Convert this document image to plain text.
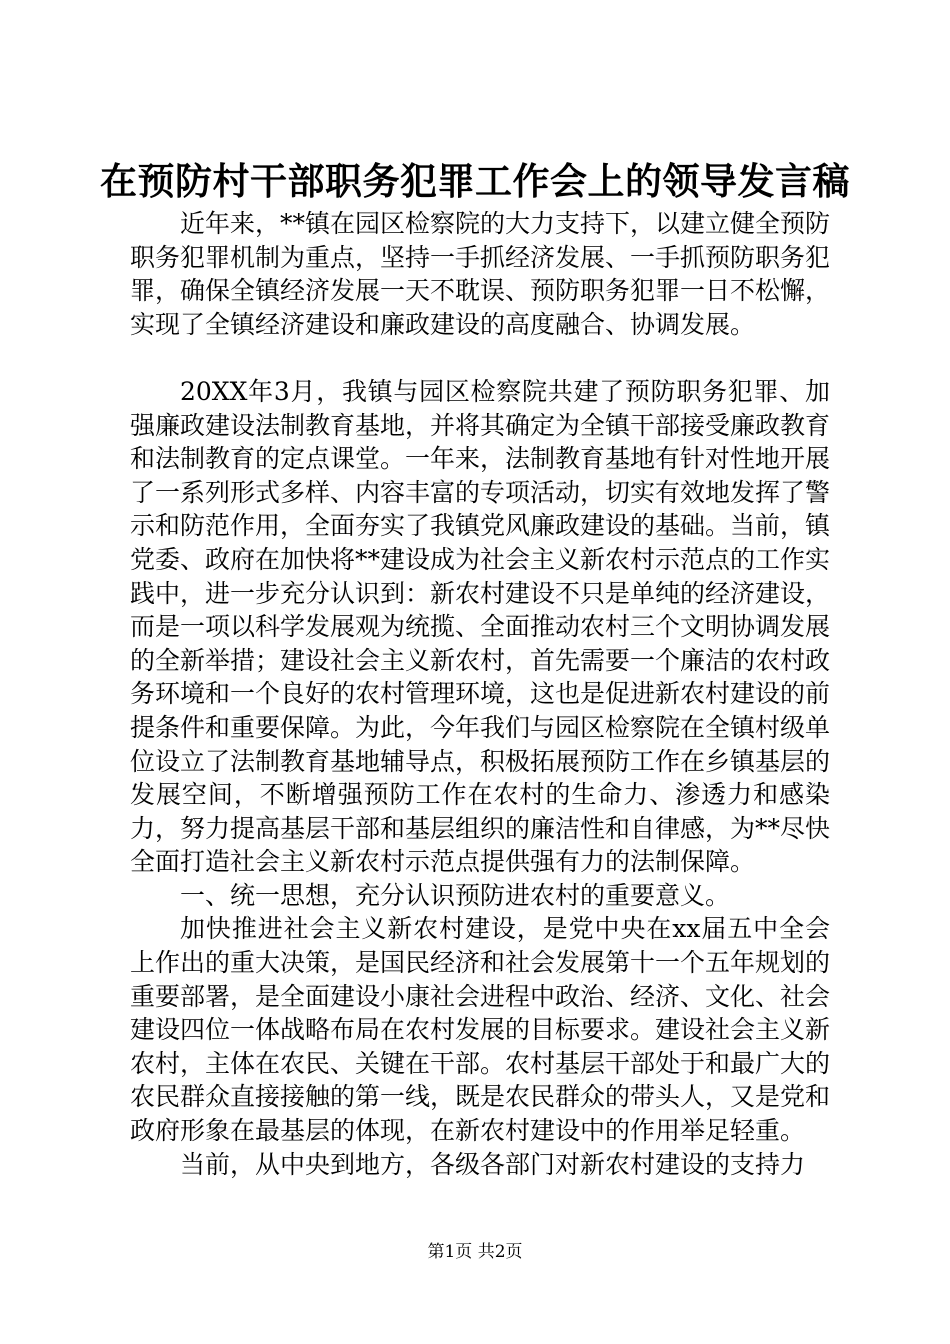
在预防村干部职务犯罪工作会上的领导发言稿

近年来，**镇在园区检察院的大力支持下，以建立健全预防职务犯罪机制为重点，坚持一手抓经济发展、一手抓预防职务犯罪，确保全镇经济发展一天不耽误、预防职务犯罪一日不松懈，实现了全镇经济建设和廉政建设的高度融合、协调发展。

20XX年3月，我镇与园区检察院共建了预防职务犯罪、加强廉政建设法制教育基地，并将其确定为全镇干部接受廉政教育和法制教育的定点课堂。一年来，法制教育基地有针对性地开展了一系列形式多样、内容丰富的专项活动，切实有效地发挥了警示和防范作用，全面夯实了我镇党风廉政建设的基础。当前，镇党委、政府在加快将**建设成为社会主义新农村示范点的工作实践中，进一步充分认识到：新农村建设不只是单纯的经济建设，而是一项以科学发展观为统揽、全面推动农村三个文明协调发展的全新举措；建设社会主义新农村，首先需要一个廉洁的农村政务环境和一个良好的农村管理环境，这也是促进新农村建设的前提条件和重要保障。为此，今年我们与园区检察院在全镇村级单位设立了法制教育基地辅导点，积极拓展预防工作在乡镇基层的发展空间，不断增强预防工作在农村的生命力、渗透力和感染力，努力提高基层干部和基层组织的廉洁性和自律感，为**尽快全面打造社会主义新农村示范点提供强有力的法制保障。

一、统一思想，充分认识预防进农村的重要意义。

加快推进社会主义新农村建设，是党中央在xx届五中全会上作出的重大决策，是国民经济和社会发展第十一个五年规划的重要部署，是全面建设小康社会进程中政治、经济、文化、社会建设四位一体战略布局在农村发展的目标要求。建设社会主义新农村，主体在农民、关键在干部。农村基层干部处于和最广大的农民群众直接接触的第一线，既是农民群众的带头人，又是党和政府形象在最基层的体现，在新农村建设中的作用举足轻重。

当前，从中央到地方，各级各部门对新农村建设的支持力

第1页 共2页
